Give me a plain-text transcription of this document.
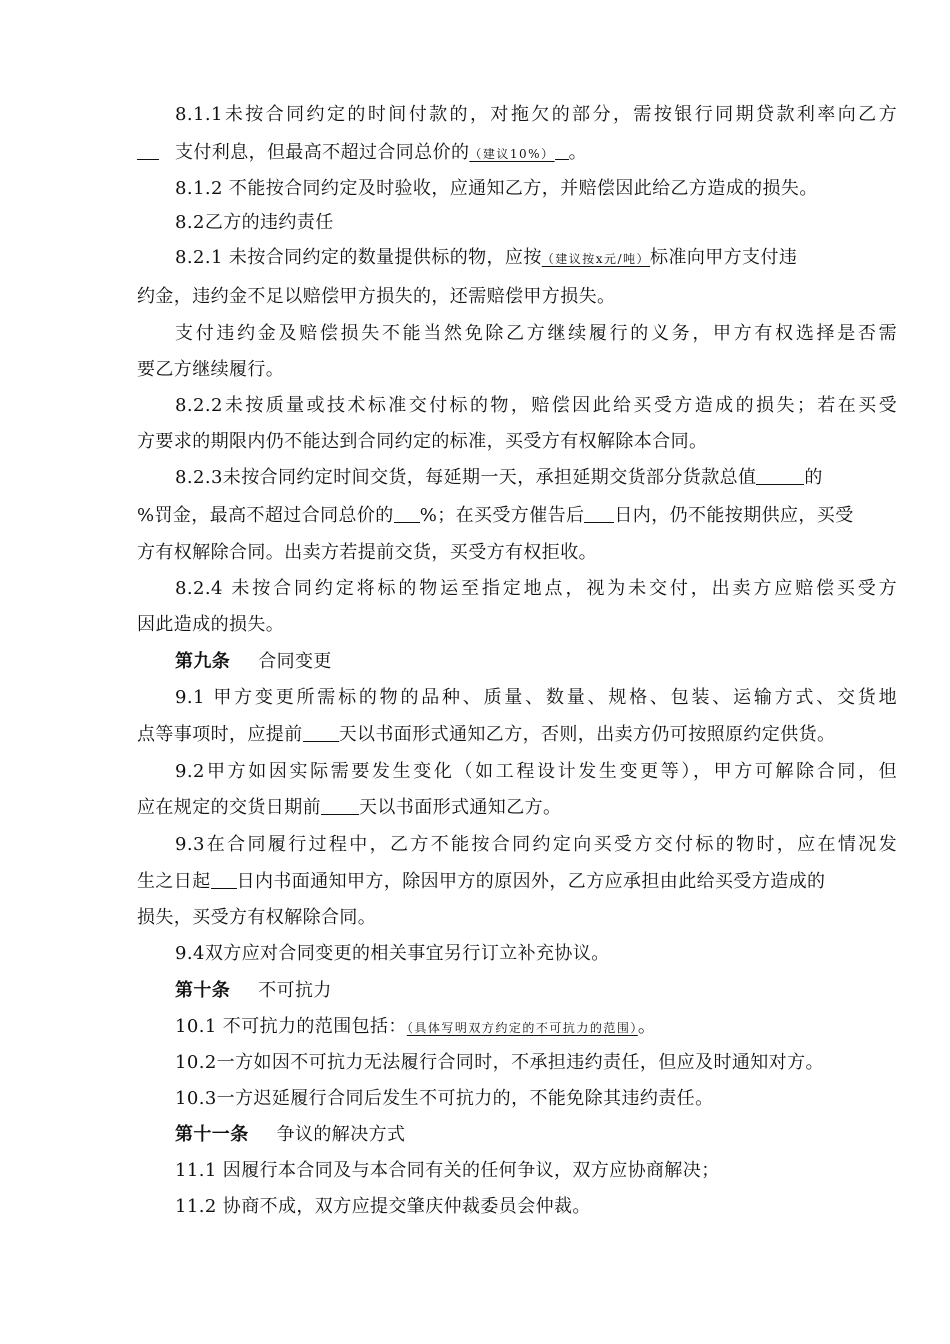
8.1.1未按合同约定的时间付款的，对拖欠的部分，需按银行同期贷款利率向乙方
支付利息，但最高不超过合同总价的（建议10%） 。
8.1.2 不能按合同约定及时验收，应通知乙方，并赔偿因此给乙方造成的损失。
8.2乙方的违约责任
8.2.1 未按合同约定的数量提供标的物，应按（建议按x元/吨）标准向甲方支付违
约金，违约金不足以赔偿甲方损失的，还需赔偿甲方损失。
支付违约金及赔偿损失不能当然免除乙方继续履行的义务，甲方有权选择是否需
要乙方继续履行。
8.2.2未按质量或技术标准交付标的物，赔偿因此给买受方造成的损失；若在买受
方要求的期限内仍不能达到合同约定的标准，买受方有权解除本合同。
8.2.3未按合同约定时间交货，每延期一天，承担延期交货部分货款总值	的
%罚金，最高不超过合同总价的 %；在买受方催告后 日内，仍不能按期供应，买受
方有权解除合同。出卖方若提前交货，买受方有权拒收。
8.2.4 未按合同约定将标的物运至指定地点，视为未交付，出卖方应赔偿买受方
因此造成的损失。
第九条 合同变更
9.1 甲方变更所需标的物的品种、质量、数量、规格、包装、运输方式、交货地
点等事项时，应提前 天以书面形式通知乙方，否则，出卖方仍可按照原约定供货。
9.2甲方如因实际需要发生变化（如工程设计发生变更等），甲方可解除合同，但
应在规定的交货日期前 天以书面形式通知乙方。
9.3在合同履行过程中，乙方不能按合同约定向买受方交付标的物时，应在情况发
生之日起 日内书面通知甲方，除因甲方的原因外，乙方应承担由此给买受方造成的
损失，买受方有权解除合同。
9.4双方应对合同变更的相关事宜另行订立补充协议。
第十条 不可抗力
10.1 不可抗力的范围包括：（具体写明双方约定的不可抗力的范围）。
10.2一方如因不可抗力无法履行合同时，不承担违约责任，但应及时通知对方。
10.3一方迟延履行合同后发生不可抗力的，不能免除其违约责任。
第十一条 争议的解决方式
11.1 因履行本合同及与本合同有关的任何争议，双方应协商解决；
11.2 协商不成，双方应提交肇庆仲裁委员会仲裁。
